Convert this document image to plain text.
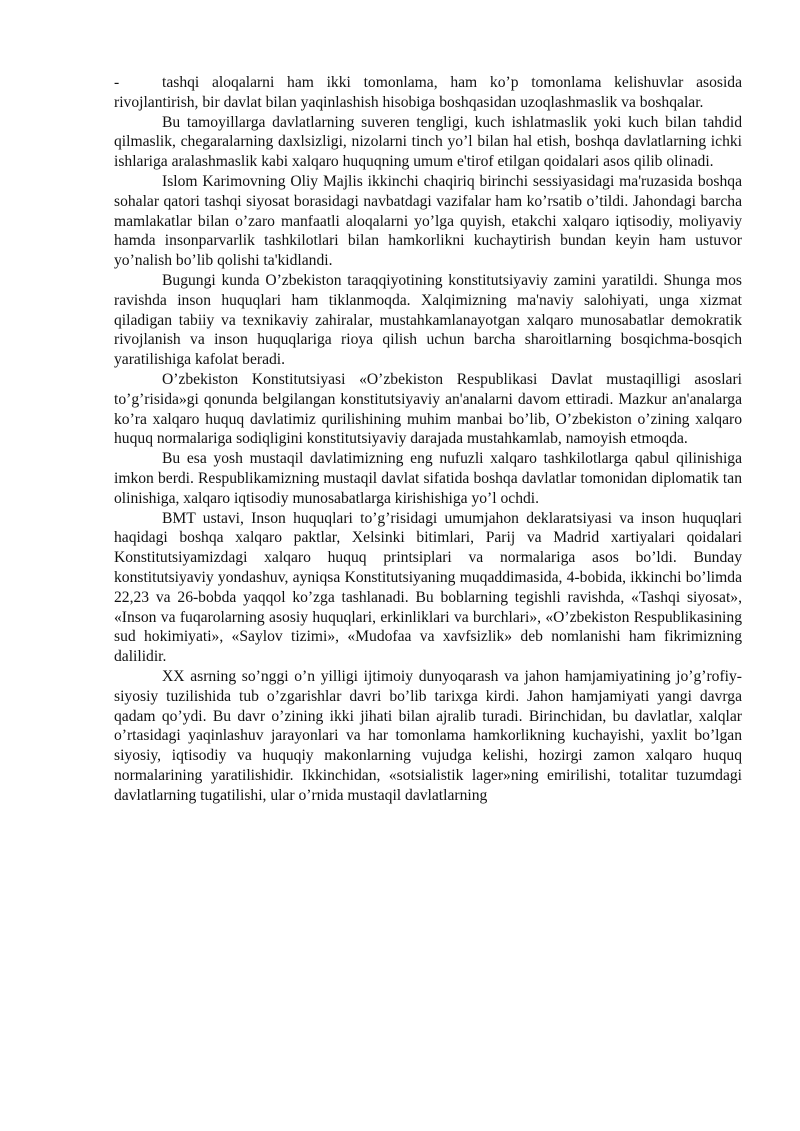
-	tashqi aloqalarni ham ikki tomonlama, ham ko’p tomonlama kelishuvlar asosida rivojlantirish, bir davlat bilan yaqinlashish hisobiga boshqasidan uzoqlashmaslik va boshqalar.

Bu tamoyillarga davlatlarning suveren tengligi, kuch ishlatmaslik yoki kuch bilan tahdid qilmaslik, chegaralarning daxlsizligi, nizolarni tinch yo’l bilan hal etish, boshqa davlatlarning ichki ishlariga aralashmaslik kabi xalqaro huquqning umum e'tirof etilgan qoidalari asos qilib olinadi.

Islom Karimovning Oliy Majlis ikkinchi chaqiriq birinchi sessiyasidagi ma'ruzasida boshqa sohalar qatori tashqi siyosat borasidagi navbatdagi vazifalar ham ko’rsatib o’tildi. Jahondagi barcha mamlakatlar bilan o’zaro manfaatli aloqalarni yo’lga quyish, etakchi xalqaro iqtisodiy, moliyaviy hamda insonparvarlik tashkilotlari bilan hamkorlikni kuchaytirish bundan keyin ham ustuvor yo’nalish bo’lib qolishi ta'kidlandi.

Bugungi kunda O’zbekiston taraqqiyotining konstitutsiyaviy zamini yaratildi. Shunga mos ravishda inson huquqlari ham tiklanmoqda. Xalqimizning ma'naviy salohiyati, unga xizmat qiladigan tabiiy va texnikaviy zahiralar, mustahkamlanayotgan xalqaro munosabatlar demokratik rivojlanish va inson huquqlariga rioya qilish uchun barcha sharoitlarning bosqichma-bosqich yaratilishiga kafolat beradi.

O’zbekiston Konstitutsiyasi «O’zbekiston Respublikasi Davlat mustaqilligi asoslari to’g’risida»gi qonunda belgilangan konstitutsiyaviy an'analarni davom ettiradi. Mazkur an'analarga ko’ra xalqaro huquq davlatimiz qurilishining muhim manbai bo’lib, O’zbekiston o’zining xalqaro huquq normalariga sodiqligini konstitutsiyaviy darajada mustahkamlab, namoyish etmoqda.

Bu esa yosh mustaqil davlatimizning eng nufuzli xalqaro tashkilotlarga qabul qilinishiga imkon berdi. Respublikamizning mustaqil davlat sifatida boshqa davlatlar tomonidan diplomatik tan olinishiga, xalqaro iqtisodiy munosabatlarga kirishishiga yo’l ochdi.

BMT ustavi, Inson huquqlari to’g’risidagi umumjahon deklaratsiyasi va inson huquqlari haqidagi boshqa xalqaro paktlar, Xelsinki bitimlari, Parij va Madrid xartiyalari qoidalari Konstitutsiyamizdagi xalqaro huquq printsiplari va normalariga asos bo’ldi. Bunday konstitutsiyaviy yondashuv, ayniqsa Konstitutsiyaning muqaddimasida, 4-bobida, ikkinchi bo’limda 22,23 va 26-bobda yaqqol ko’zga tashlanadi. Bu boblarning tegishli ravishda, «Tashqi siyosat», «Inson va fuqarolarning asosiy huquqlari, erkinliklari va burchlari», «O’zbekiston Respublikasining sud hokimiyati», «Saylov tizimi», «Mudofaa va xavfsizlik» deb nomlanishi ham fikrimizning dalilidir.

XX asrning so’nggi o’n yilligi ijtimoiy dunyoqarash va jahon hamjamiyatining jo’g’rofiy-siyosiy tuzilishida tub o’zgarishlar davri bo’lib tarixga kirdi. Jahon hamjamiyati yangi davrga qadam qo’ydi. Bu davr o’zining ikki jihati bilan ajralib turadi. Birinchidan, bu davlatlar, xalqlar o’rtasidagi yaqinlashuv jarayonlari va har tomonlama hamkorlikning kuchayishi, yaxlit bo’lgan siyosiy, iqtisodiy va huquqiy makonlarning vujudga kelishi, hozirgi zamon xalqaro huquq normalarining yaratilishidir. Ikkinchidan, «sotsialistik lager»ning emirilishi, totalitar tuzumdagi davlatlarning tugatilishi, ular o’rnida mustaqil davlatlarning
